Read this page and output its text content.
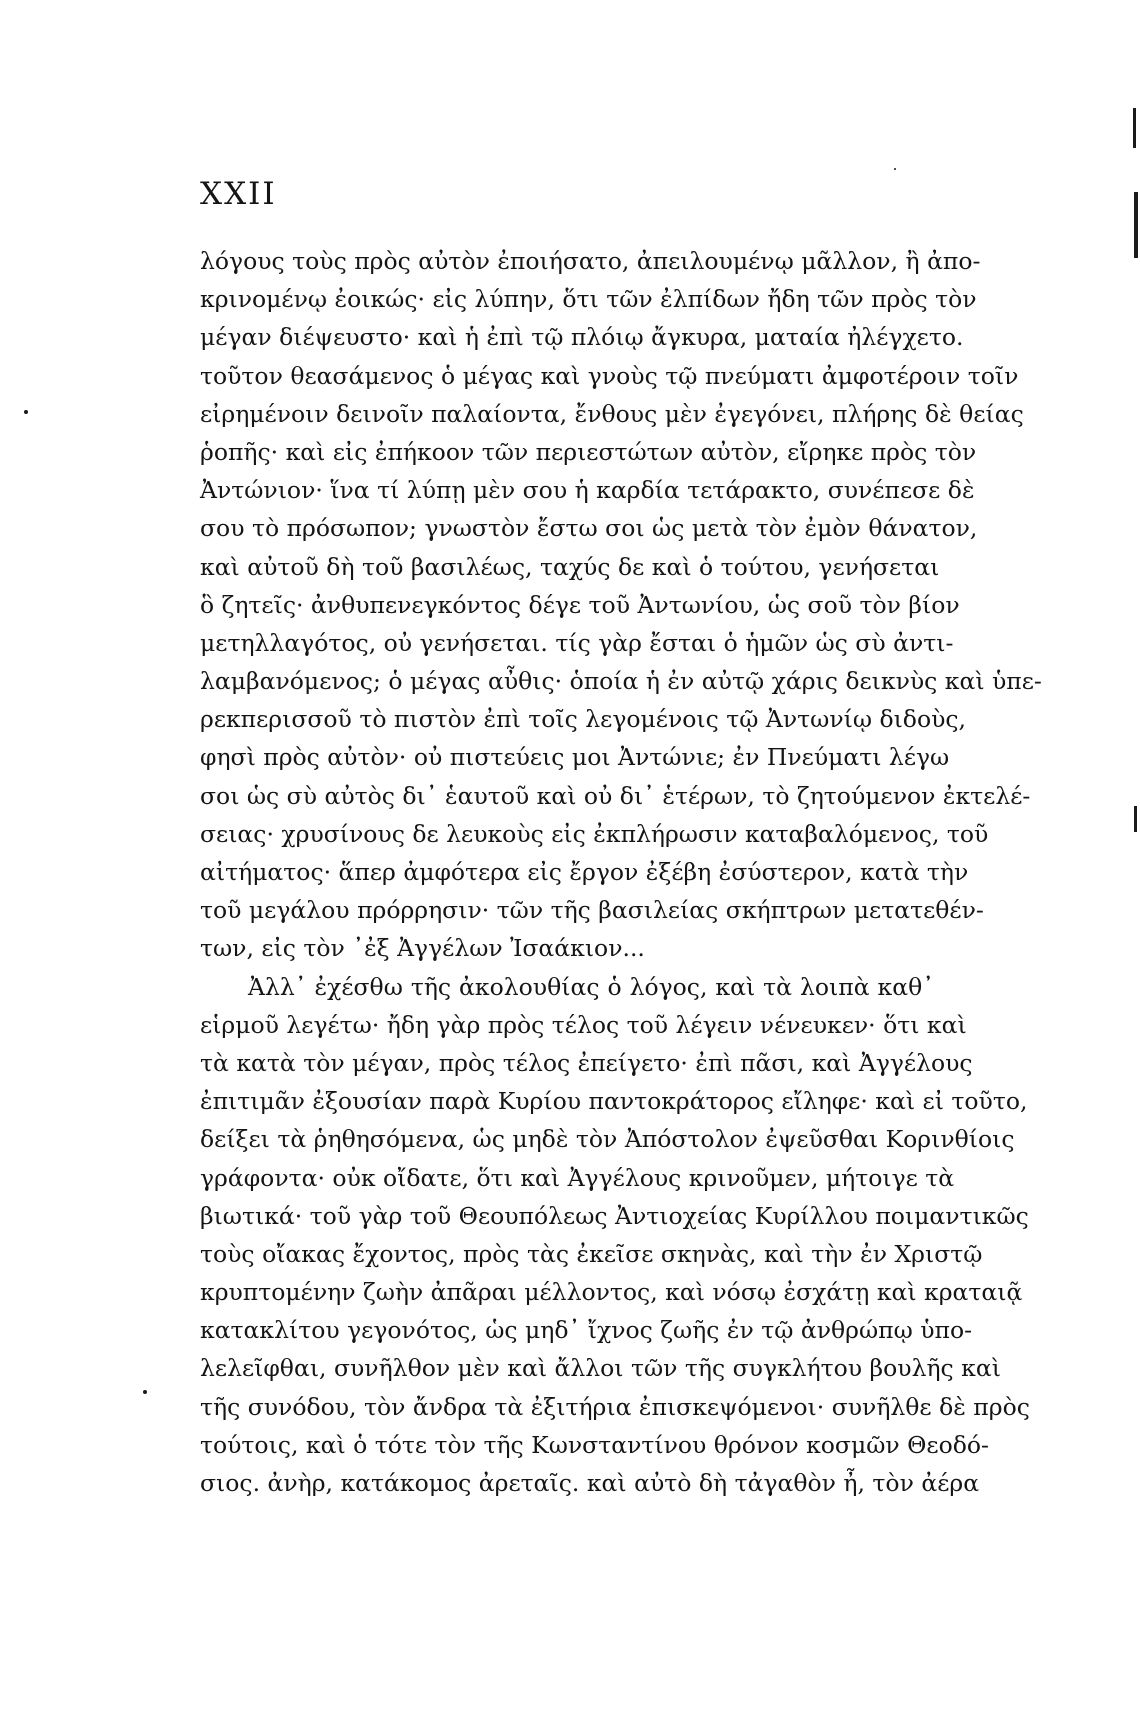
XXII
λόγους τοὺς πρὸς αὐτὸν ἐποιήσατο, ἀπειλουμένῳ μᾶλλον, ἢ ἀπο-
κρινομένῳ ἐοικώς· εἰς λύπην, ὅτι τῶν ἐλπίδων ἤδη τῶν πρὸς τὸν
μέγαν διέψευστο· καὶ ἡ ἐπὶ τῷ πλόιῳ ἄγκυρα, ματαία ἠλέγχετο.
τοῦτον θεασάμενος ὁ μέγας καὶ γνοὺς τῷ πνεύματι ἀμφοτέροιν τοῖν
εἰρημένοιν δεινοῖν παλαίοντα, ἔνθους μὲν ἐγεγόνει, πλήρης δὲ θείας
ῥοπῆς· καὶ εἰς ἐπήκοον τῶν περιεστώτων αὐτὸν, εἴρηκε πρὸς τὸν
Ἀντώνιον· ἵνα τί λύπῃ μὲν σου ἡ καρδία τετάρακτο, συνέπεσε δὲ
σου τὸ πρόσωπον; γνωστὸν ἔστω σοι ὡς μετὰ τὸν ἐμὸν θάνατον,
καὶ αὐτοῦ δὴ τοῦ βασιλέως, ταχύς δε καὶ ὁ τούτου, γενήσεται
ὃ ζητεῖς· ἀνθυπενεγκόντος δέγε τοῦ Ἀντωνίου, ὡς σοῦ τὸν βίον
μετηλλαγότος, οὐ γενήσεται. τίς γὰρ ἔσται ὁ ἡμῶν ὡς σὺ ἀντι-
λαμβανόμενος; ὁ μέγας αὖθις· ὁποία ἡ ἐν αὐτῷ χάρις δεικνὺς καὶ ὑπε-
ρεκπερισσοῦ τὸ πιστὸν ἐπὶ τοῖς λεγομένοις τῷ Ἀντωνίῳ διδοὺς,
φησὶ πρὸς αὐτὸν· οὐ πιστεύεις μοι Ἀντώνιε; ἐν Πνεύματι λέγω
σοι ὡς σὺ αὐτὸς δι᾽ ἑαυτοῦ καὶ οὐ δι᾽ ἑτέρων, τὸ ζητούμενον ἐκτελέ-
σειας· χρυσίνους δε λευκοὺς εἰς ἐκπλήρωσιν καταβαλόμενος, τοῦ
αἰτήματος· ἅπερ ἀμφότερα εἰς ἔργον ἐξέβη ἐσύστερον, κατὰ τὴν
τοῦ μεγάλου πρόρρησιν· τῶν τῆς βασιλείας σκήπτρων μετατεθέν-
των, εἰς τὸν ᾽ἐξ Ἀγγέλων Ἰσαάκιον...
Ἀλλ᾽ ἐχέσθω τῆς ἀκολουθίας ὁ λόγος, καὶ τὰ λοιπὰ καθ᾽
εἱρμοῦ λεγέτω· ἤδη γὰρ πρὸς τέλος τοῦ λέγειν νένευκεν· ὅτι καὶ
τὰ κατὰ τὸν μέγαν, πρὸς τέλος ἐπείγετο· ἐπὶ πᾶσι, καὶ Ἀγγέλους
ἐπιτιμᾶν ἐξουσίαν παρὰ Κυρίου παντοκράτορος εἴληφε· καὶ εἰ τοῦτο,
δείξει τὰ ῥηθησόμενα, ὡς μηδὲ τὸν Ἀπόστολον ἐψεῦσθαι Κορινθίοις
γράφοντα· οὐκ οἴδατε, ὅτι καὶ Ἀγγέλους κρινοῦμεν, μήτοιγε τὰ
βιωτικά· τοῦ γὰρ τοῦ Θεουπόλεως Ἀντιοχείας Κυρίλλου ποιμαντικῶς
τοὺς οἴακας ἔχοντος, πρὸς τὰς ἐκεῖσε σκηνὰς, καὶ τὴν ἐν Χριστῷ
κρυπτομένην ζωὴν ἀπᾶραι μέλλοντος, καὶ νόσῳ ἐσχάτῃ καὶ κραταιᾷ
κατακλίτου γεγονότος, ὡς μηδ᾽ ἴχνος ζωῆς ἐν τῷ ἀνθρώπῳ ὑπο-
λελεῖφθαι, συνῆλθον μὲν καὶ ἄλλοι τῶν τῆς συγκλήτου βουλῆς καὶ
τῆς συνόδου, τὸν ἄνδρα τὰ ἐξιτήρια ἐπισκεψόμενοι· συνῆλθε δὲ πρὸς
τούτοις, καὶ ὁ τότε τὸν τῆς Κωνσταντίνου θρόνον κοσμῶν Θεοδό-
σιος. ἀνὴρ, κατάκομος ἀρεταῖς. καὶ αὐτὸ δὴ τἀγαθὸν ἦ, τὸν ἀέρα
